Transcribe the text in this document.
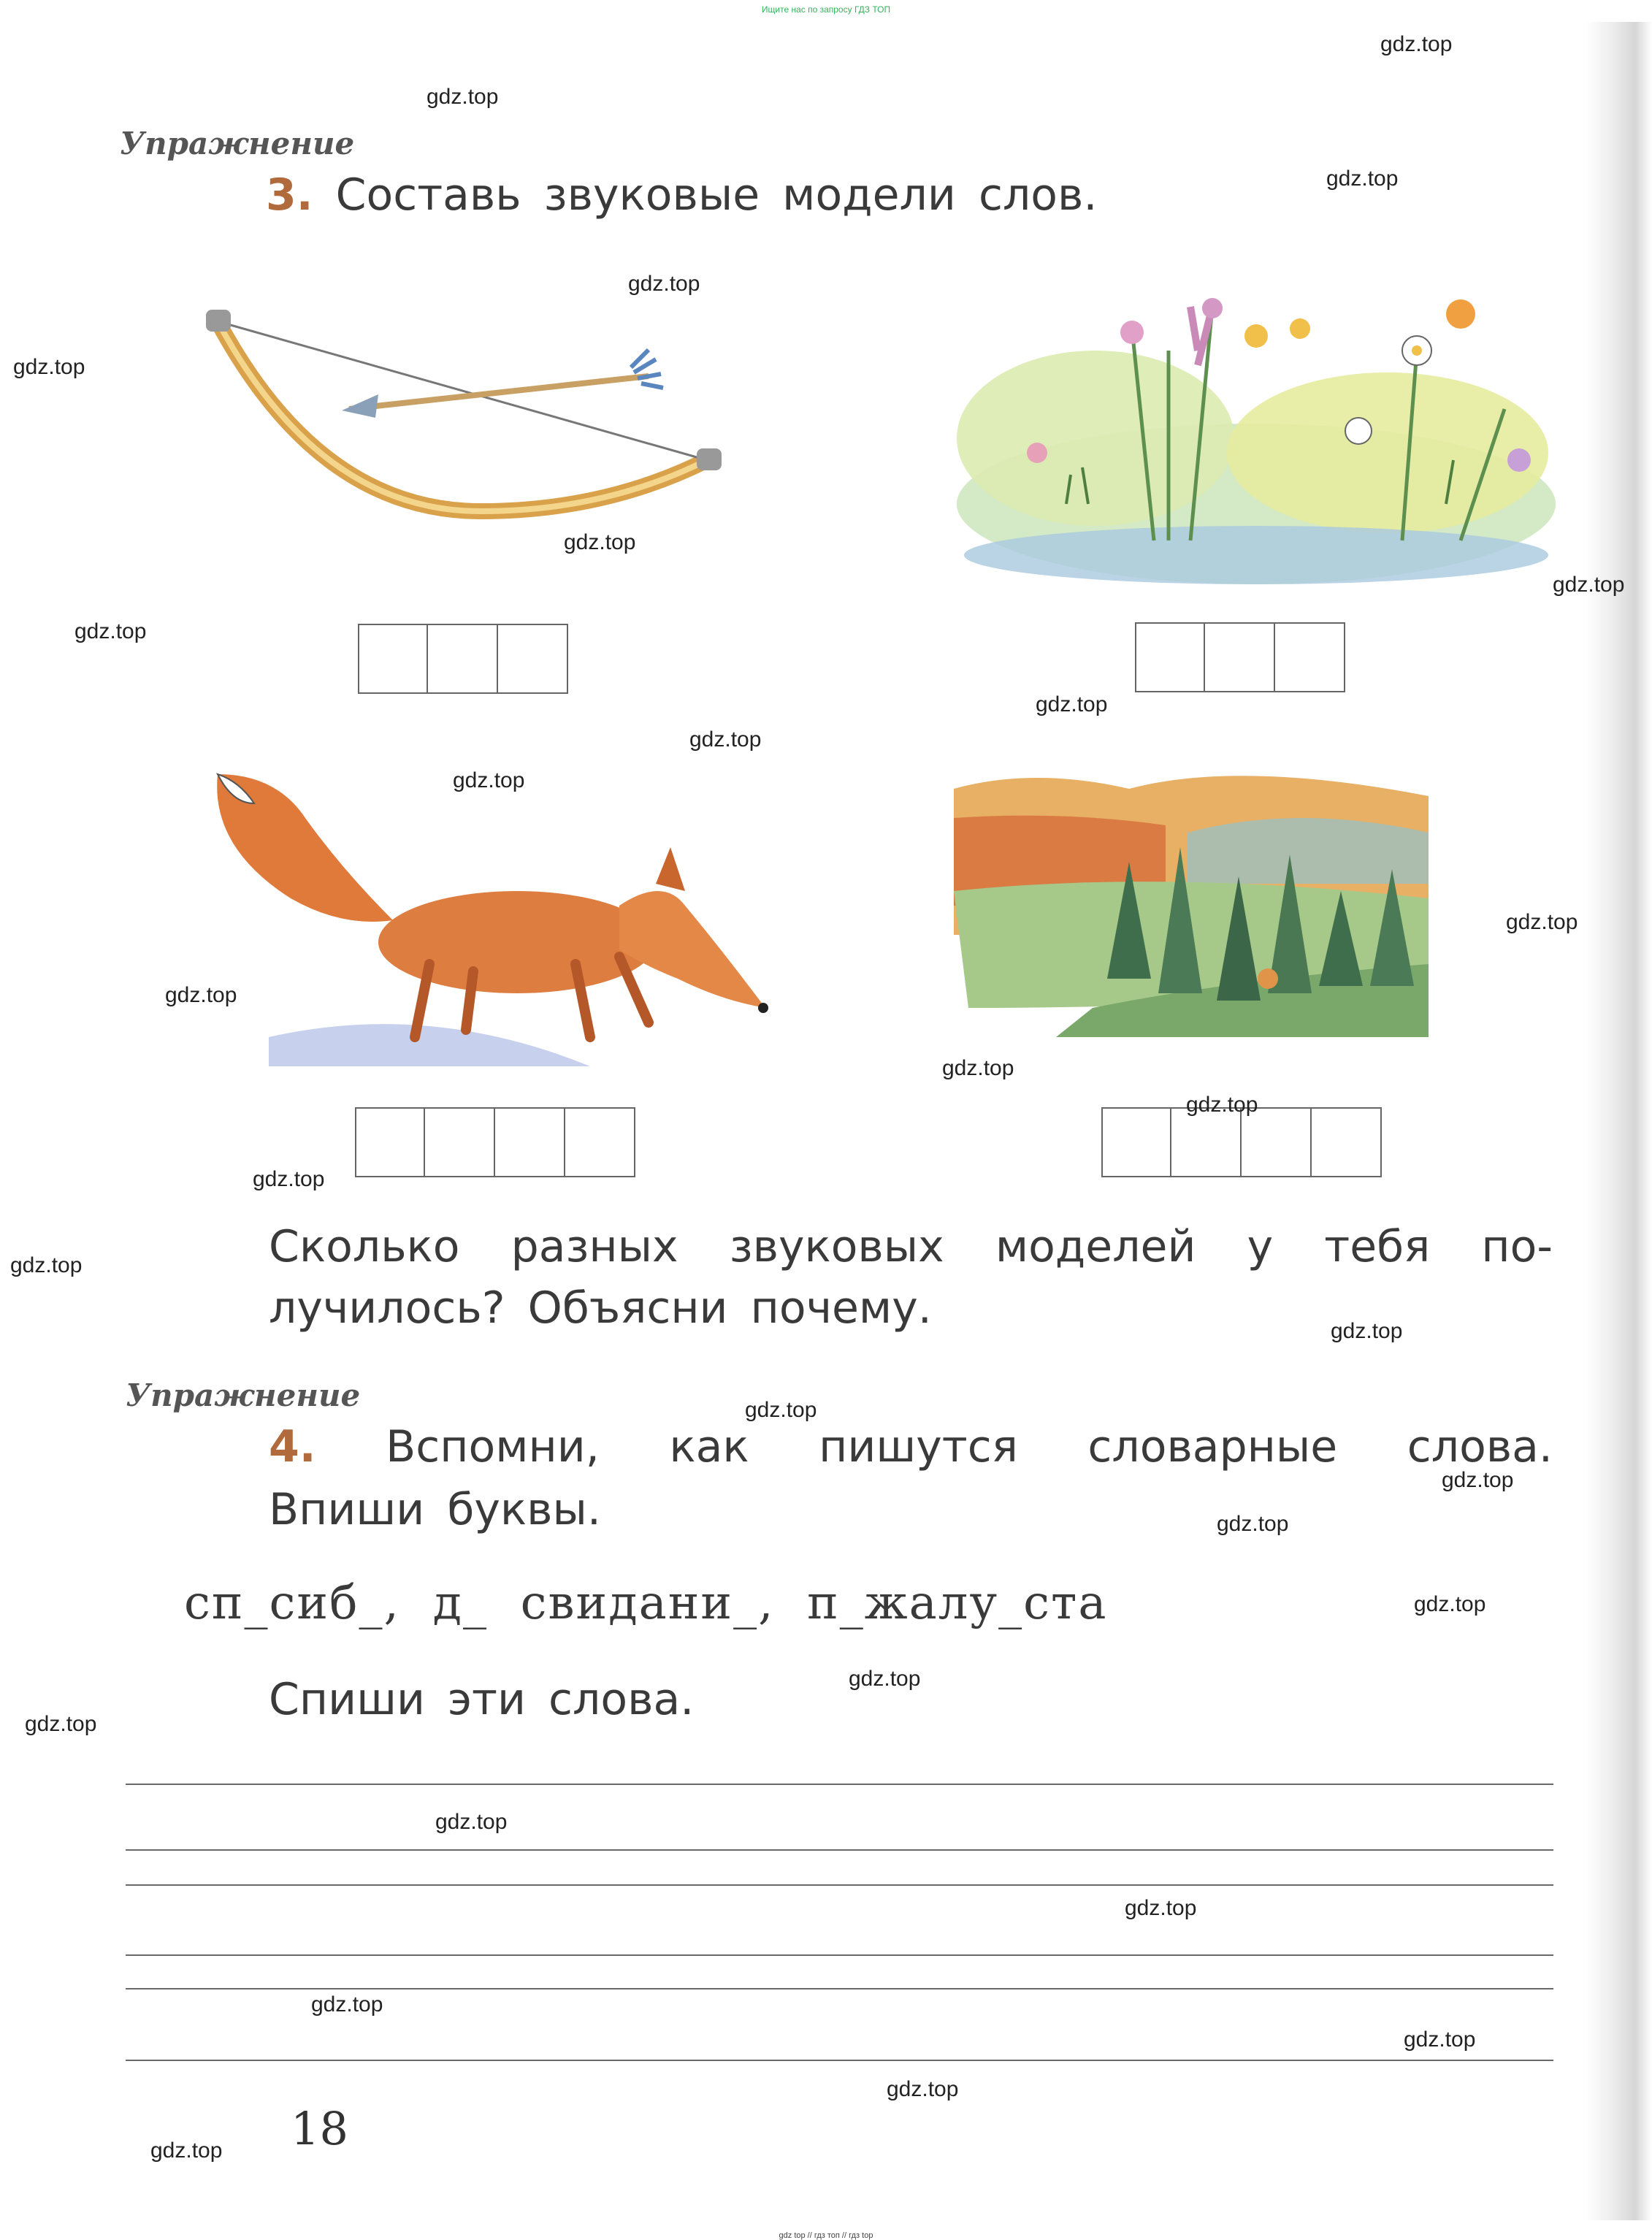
Ищите нас по запросу ГДЗ ТОП
Упражнение
3. Составь звуковые модели слов.
Сколько разных звуковых моделей у тебя по-
лучилось? Объясни почему.
Упражнение
4. Вспомни, как пишутся словарные слова.
Впиши буквы.
сп_сиб_,  д_  свидани_,  п_жалу_ста
Спиши эти слова.
18
gdz.top
gdz.top
gdz.top
gdz.top
gdz.top
gdz.top
gdz.top
gdz.top
gdz.top
gdz.top
gdz.top
gdz.top
gdz.top
gdz.top
gdz.top
gdz.top
gdz.top
gdz.top
gdz.top
gdz.top
gdz.top
gdz.top
gdz.top
gdz.top
gdz.top
gdz.top
gdz.top
gdz.top
gdz.top
gdz.top
gdz top // гдз топ // гдз top
